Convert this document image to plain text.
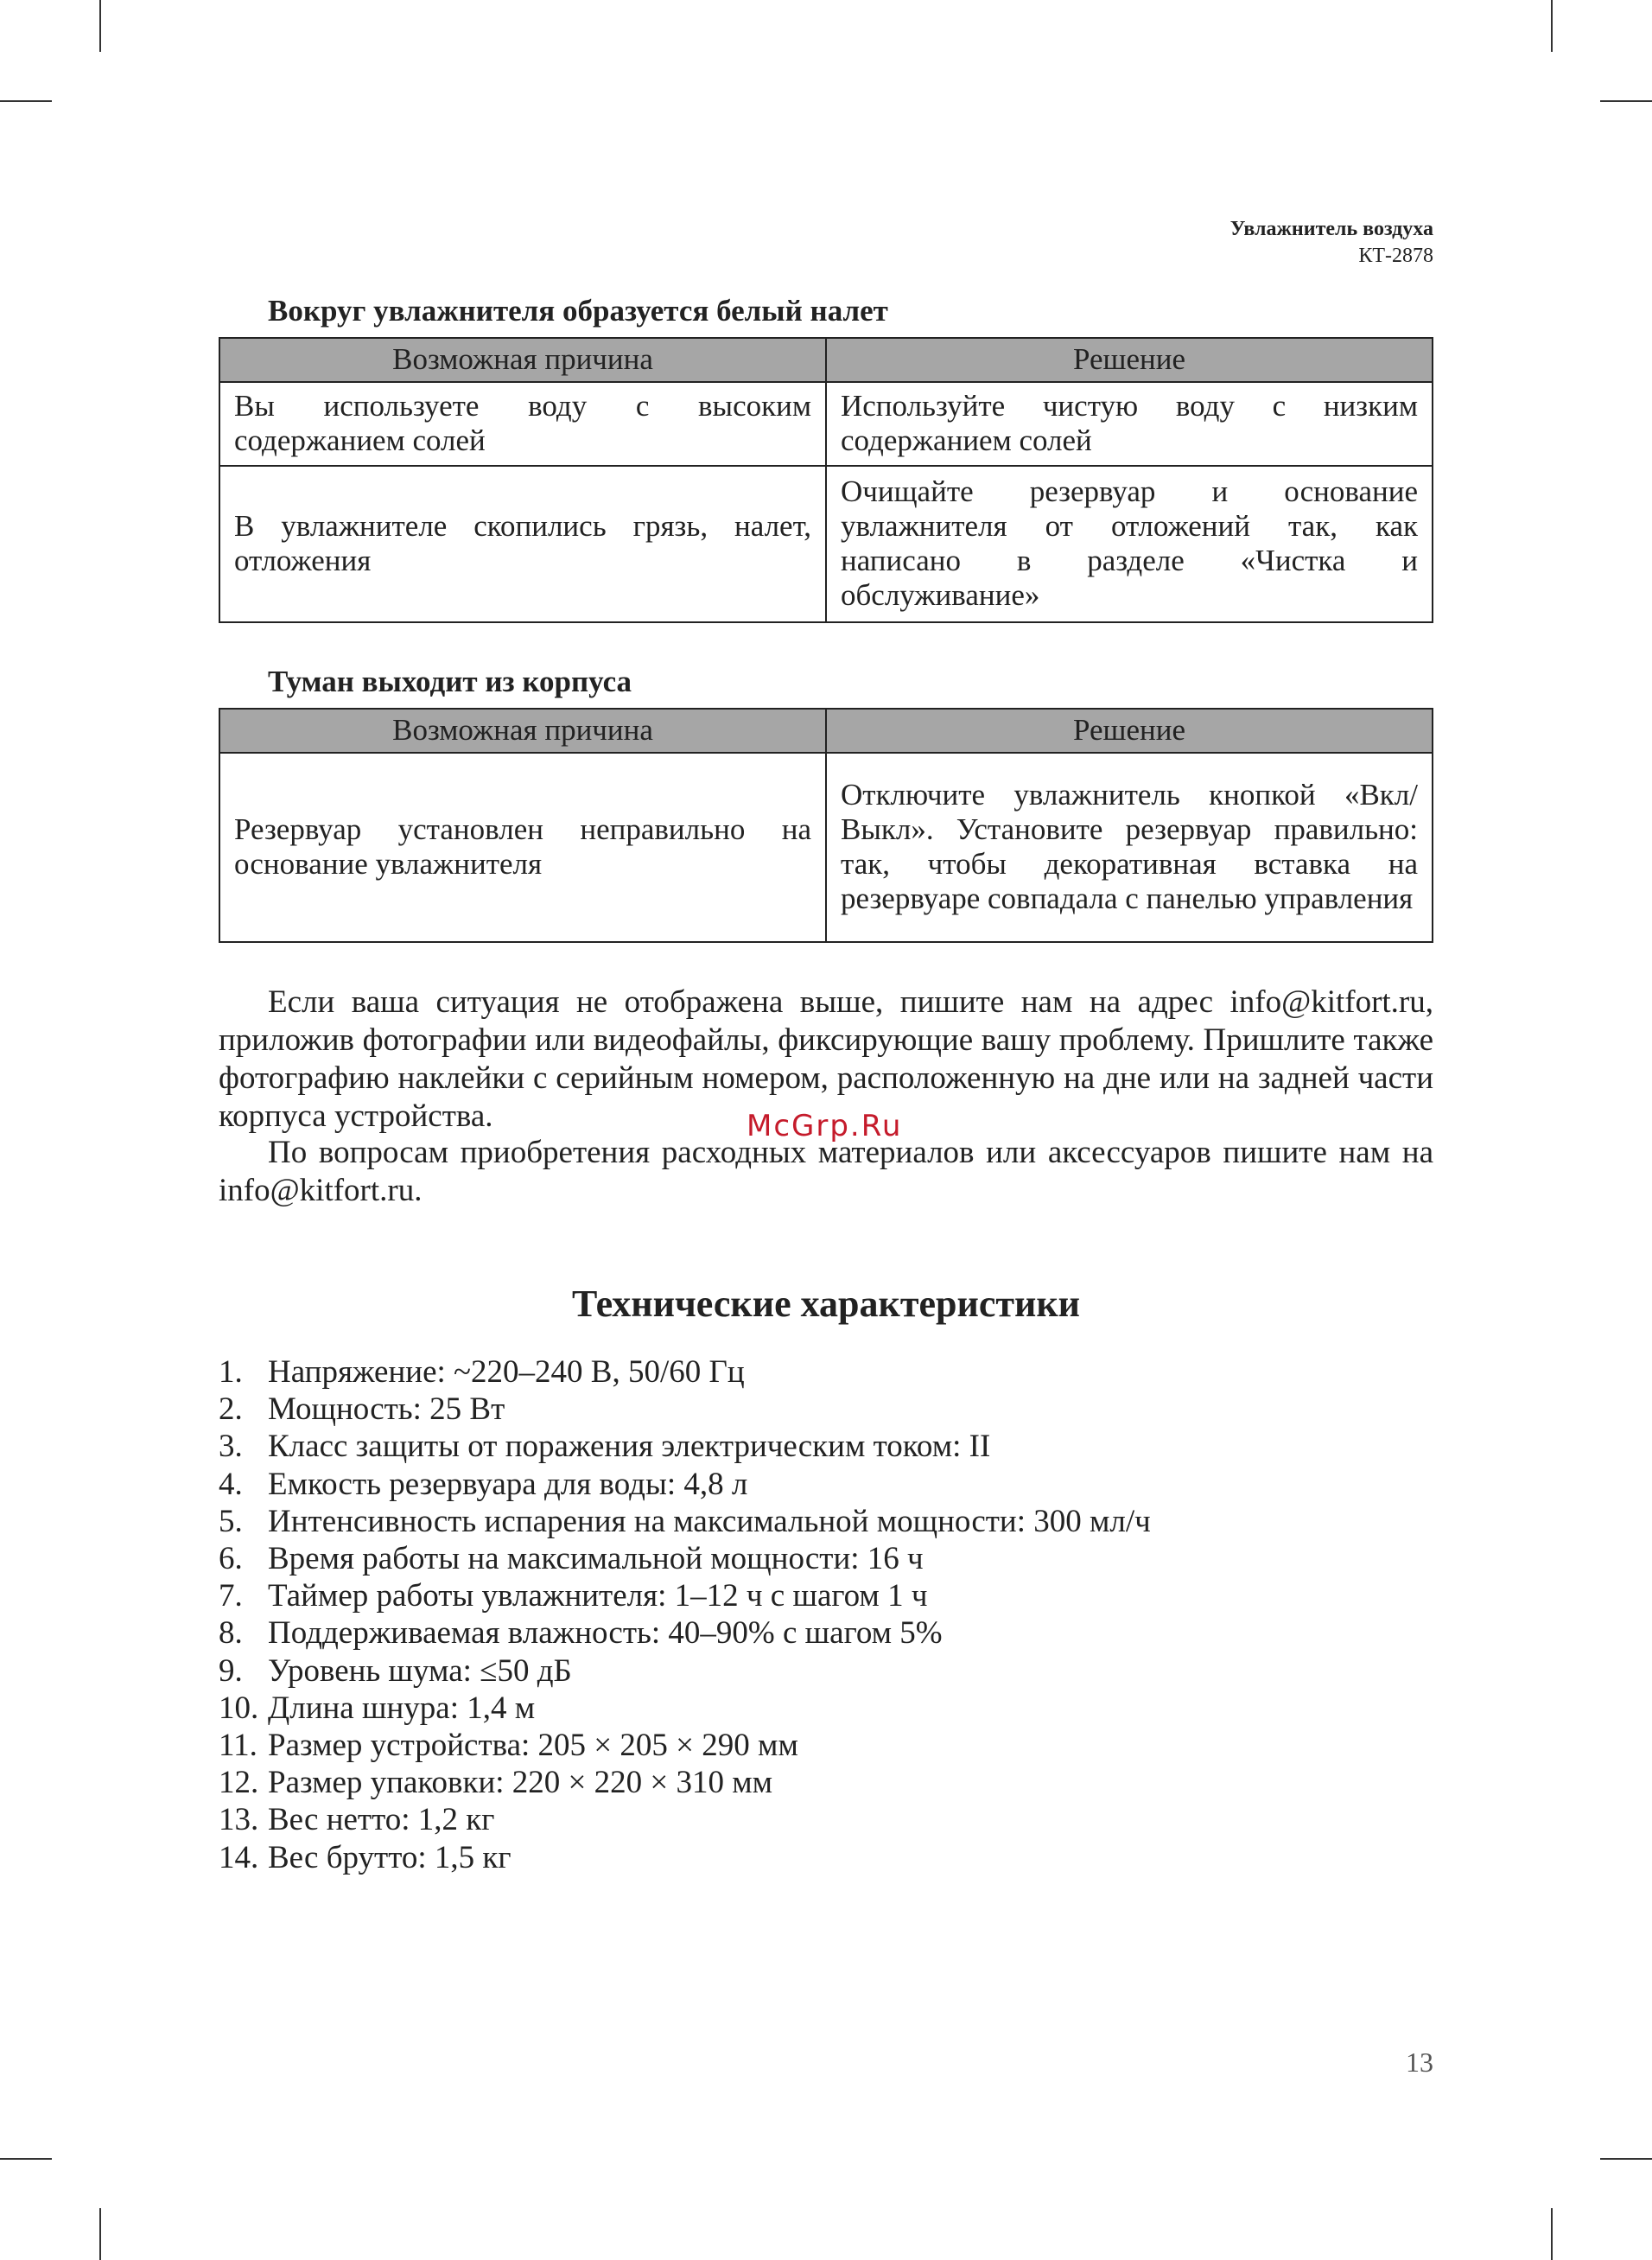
Увлажнитель воздуха
КТ-2878
Вокруг увлажнителя образуется белый налет
Возможная причина	Решение
Вы используете воду с высоким содержанием солей	Используйте чистую воду с низким содержанием солей
В увлажнителе скопились грязь, налет, отложения	Очищайте резервуар и основание увлажнителя от отложений так, как написано в разделе «Чистка и обслуживание»
Туман выходит из корпуса
Возможная причина	Решение
Резервуар установлен неправильно на основание увлажнителя	Отключите увлажнитель кнопкой «Вкл/Выкл». Установите резервуар правильно: так, чтобы декоративная вставка на резервуаре совпадала с панелью управления

Если ваша ситуация не отображена выше, пишите нам на адрес info@kitfort.ru, приложив фотографии или видеофайлы, фиксирующие вашу проблему. Пришлите также фотографию наклейки с серийным номером, расположенную на дне или на задней части корпуса устройства.

По вопросам приобретения расходных материалов или аксессуаров пишите нам на info@kitfort.ru.

McGrp.Ru
Технические характеристики
1. Напряжение: ~220–240 В, 50/60 Гц
2. Мощность: 25 Вт
3. Класс защиты от поражения электрическим током: II
4. Емкость резервуара для воды: 4,8 л
5. Интенсивность испарения на максимальной мощности: 300 мл/ч
6. Время работы на максимальной мощности: 16 ч
7. Таймер работы увлажнителя: 1–12 ч с шагом 1 ч
8. Поддерживаемая влажность: 40–90% с шагом 5%
9. Уровень шума: ≤50 дБ
10. Длина шнура: 1,4 м
11. Размер устройства: 205 × 205 × 290 мм
12. Размер упаковки: 220 × 220 × 310 мм
13. Вес нетто: 1,2 кг
14. Вес брутто: 1,5 кг
13
